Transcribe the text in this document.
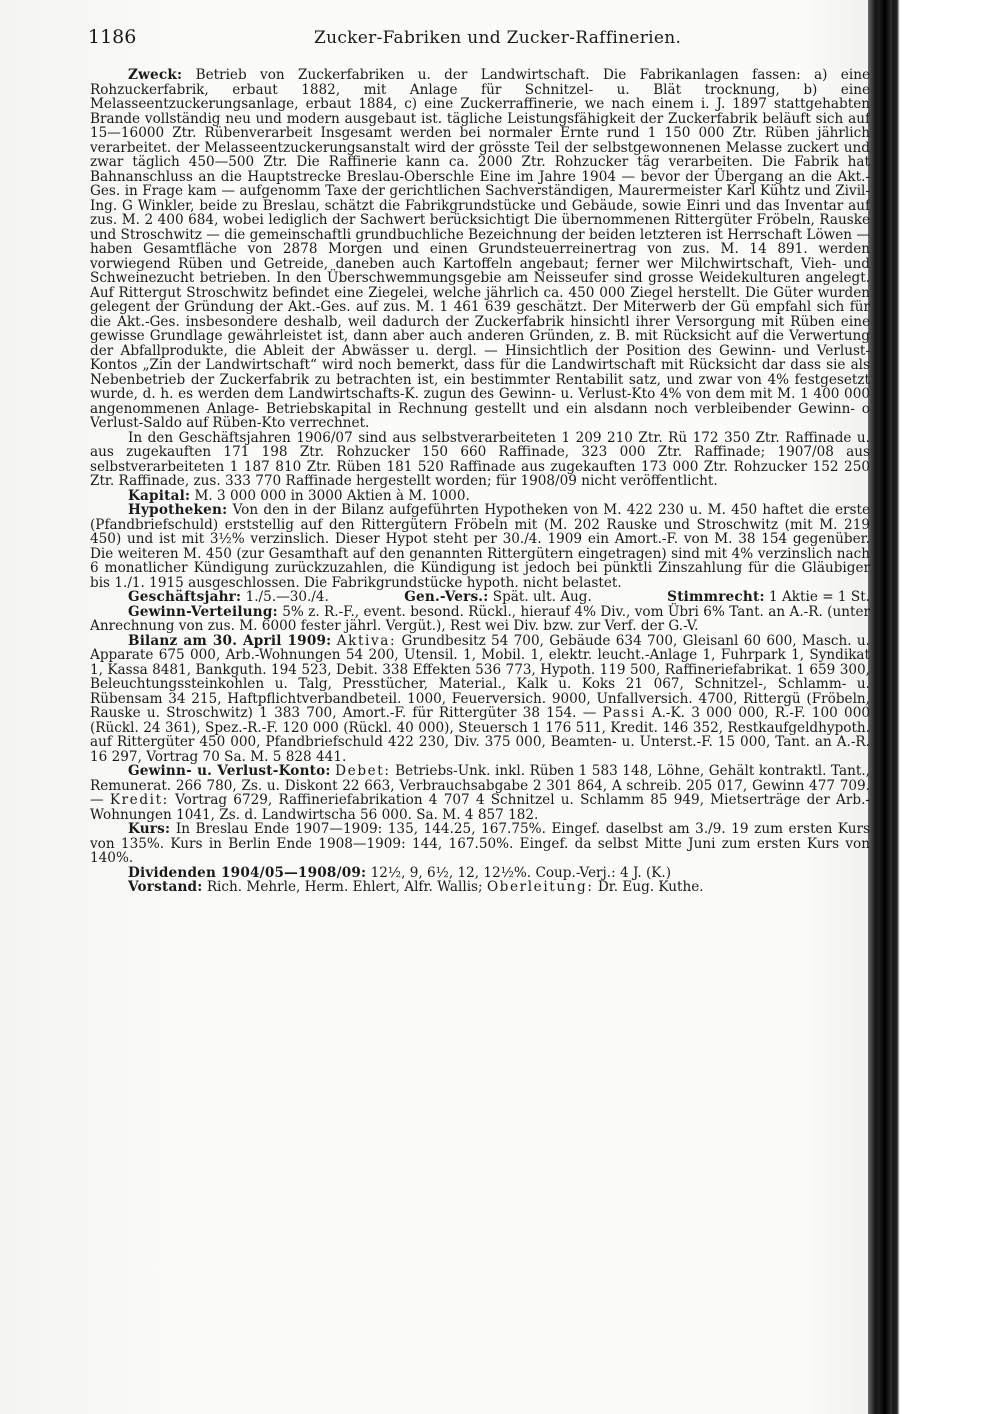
1186	Zucker-Fabriken und Zucker-Raffinerien.

Zweck: Betrieb von Zuckerfabriken u. der Landwirtschaft. Die Fabrikanlagen fassen: a) eine Rohzuckerfabrik, erbaut 1882, mit Anlage für Schnitzel- u. Blät trocknung, b) eine Melasseentzuckerungsanlage, erbaut 1884, c) eine Zuckerraffinerie, we nach einem i. J. 1897 stattgehabten Brande vollständig neu und modern ausgebaut ist. tägliche Leistungsfähigkeit der Zuckerfabrik beläuft sich auf 15—16000 Ztr. Rübenverarbeit Insgesamt werden bei normaler Ernte rund 1 150 000 Ztr. Rüben jährlich verarbeitet. der Melasseentzuckerungsanstalt wird der grösste Teil der selbstgewonnenen Melasse zuckert und zwar täglich 450—500 Ztr. Die Raffinerie kann ca. 2000 Ztr. Rohzucker täg verarbeiten. Die Fabrik hat Bahnanschluss an die Hauptstrecke Breslau-Oberschle Eine im Jahre 1904 — bevor der Übergang an die Akt.-Ges. in Frage kam — aufgenomm Taxe der gerichtlichen Sachverständigen, Maurermeister Karl Kühtz und Zivil-Ing. G Winkler, beide zu Breslau, schätzt die Fabrikgrundstücke und Gebäude, sowie Einri und das Inventar auf zus. M. 2 400 684, wobei lediglich der Sachwert berücksichtigt Die übernommenen Rittergüter Fröbeln, Rauske und Stroschwitz — die gemeinschaftli grundbuchliche Bezeichnung der beiden letzteren ist Herrschaft Löwen — haben Gesamtfläche von 2878 Morgen und einen Grundsteuerreinertrag von zus. M. 14 891. werden vorwiegend Rüben und Getreide, daneben auch Kartoffeln angebaut; ferner wer Milchwirtschaft, Vieh- und Schweinezucht betrieben. In den Überschwemmungsgebie am Neisseufer sind grosse Weidekulturen angelegt. Auf Rittergut Stroschwitz befindet eine Ziegelei, welche jährlich ca. 450 000 Ziegel herstellt. Die Güter wurden gelegent der Gründung der Akt.-Ges. auf zus. M. 1 461 639 geschätzt. Der Miterwerb der Gü empfahl sich für die Akt.-Ges. insbesondere deshalb, weil dadurch der Zuckerfabrik hinsichtl ihrer Versorgung mit Rüben eine gewisse Grundlage gewährleistet ist, dann aber auch anderen Gründen, z. B. mit Rücksicht auf die Verwertung der Abfallprodukte, die Ableit der Abwässer u. dergl. — Hinsichtlich der Position des Gewinn- und Verlust-Kontos „Zin der Landwirtschaft“ wird noch bemerkt, dass für die Landwirtschaft mit Rücksicht dar dass sie als Nebenbetrieb der Zuckerfabrik zu betrachten ist, ein bestimmter Rentabilit satz, und zwar von 4% festgesetzt wurde, d. h. es werden dem Landwirtschafts-K. zugun des Gewinn- u. Verlust-Kto 4% von dem mit M. 1 400 000 angenommenen Anlage- Betriebskapital in Rechnung gestellt und ein alsdann noch verbleibender Gewinn- o Verlust-Saldo auf Rüben-Kto verrechnet.

In den Geschäftsjahren 1906/07 sind aus selbstverarbeiteten 1 209 210 Ztr. Rü 172 350 Ztr. Raffinade u. aus zugekauften 171 198 Ztr. Rohzucker 150 660 Raffinade, 323 000 Ztr. Raffinade; 1907/08 aus selbstverarbeiteten 1 187 810 Ztr. Rüben 181 520 Raffinade aus zugekauften 173 000 Ztr. Rohzucker 152 250 Ztr. Raffinade, zus. 333 770 Raffinade hergestellt worden; für 1908/09 nicht veröffentlicht.

Kapital: M. 3 000 000 in 3000 Aktien à M. 1000.

Hypotheken: Von den in der Bilanz aufgeführten Hypotheken von M. 422 230 u. M. 450 haftet die erste (Pfandbriefschuld) erststellig auf den Rittergütern Fröbeln mit (M. 202 Rauske und Stroschwitz (mit M. 219 450) und ist mit 3½% verzinslich. Dieser Hypot steht per 30./4. 1909 ein Amort.-F. von M. 38 154 gegenüber. Die weiteren M. 450 (zur Gesamthaft auf den genannten Rittergütern eingetragen) sind mit 4% verzinslich nach 6 monatlicher Kündigung zurückzuzahlen, die Kündigung ist jedoch bei pünktli Zinszahlung für die Gläubiger bis 1./1. 1915 ausgeschlossen. Die Fabrikgrundstücke hypoth. nicht belastet.

Geschäftsjahr: 1./5.—30./4.	Gen.-Vers.: Spät. ult. Aug.	Stimmrecht: 1 Aktie = 1 St.

Gewinn-Verteilung: 5% z. R.-F., event. besond. Rückl., hierauf 4% Div., vom Übri 6% Tant. an A.-R. (unter Anrechnung von zus. M. 6000 fester jährl. Vergüt.), Rest wei Div. bzw. zur Verf. der G.-V.

Bilanz am 30. April 1909: Aktiva: Grundbesitz 54 700, Gebäude 634 700, Gleisanl 60 600, Masch. u. Apparate 675 000, Arb.-Wohnungen 54 200, Utensil. 1, Mobil. 1, elektr. leucht.-Anlage 1, Fuhrpark 1, Syndikat 1, Kassa 8481, Bankguth. 194 523, Debit. 338 Effekten 536 773, Hypoth. 119 500, Raffineriefabrikat. 1 659 300, Beleuchtungssteinkohlen u. Talg, Presstücher, Material., Kalk u. Koks 21 067, Schnitzel-, Schlamm- u. Rübensam 34 215, Haftpflichtverbandbeteil. 1000, Feuerversich. 9000, Unfallversich. 4700, Rittergü (Fröbeln, Rauske u. Stroschwitz) 1 383 700, Amort.-F. für Rittergüter 38 154. — Passi A.-K. 3 000 000, R.-F. 100 000 (Rückl. 24 361), Spez.-R.-F. 120 000 (Rückl. 40 000), Steuersch 1 176 511, Kredit. 146 352, Restkaufgeldhypoth. auf Rittergüter 450 000, Pfandbriefschuld 422 230, Div. 375 000, Beamten- u. Unterst.-F. 15 000, Tant. an A.-R. 16 297, Vortrag 70 Sa. M. 5 828 441.

Gewinn- u. Verlust-Konto: Debet: Betriebs-Unk. inkl. Rüben 1 583 148, Löhne, Gehält kontraktl. Tant., Remunerat. 266 780, Zs. u. Diskont 22 663, Verbrauchsabgabe 2 301 864, A schreib. 205 017, Gewinn 477 709. — Kredit: Vortrag 6729, Raffineriefabrikation 4 707 4 Schnitzel u. Schlamm 85 949, Mietserträge der Arb.-Wohnungen 1041, Zs. d. Landwirtscha 56 000. Sa. M. 4 857 182.

Kurs: In Breslau Ende 1907—1909: 135, 144.25, 167.75%. Eingef. daselbst am 3./9. 19 zum ersten Kurs von 135%. Kurs in Berlin Ende 1908—1909: 144, 167.50%. Eingef. da selbst Mitte Juni zum ersten Kurs von 140%.

Dividenden 1904/05—1908/09: 12½, 9, 6½, 12, 12½%. Coup.-Verj.: 4 J. (K.)

Vorstand: Rich. Mehrle, Herm. Ehlert, Alfr. Wallis; Oberleitung: Dr. Eug. Kuthe.
